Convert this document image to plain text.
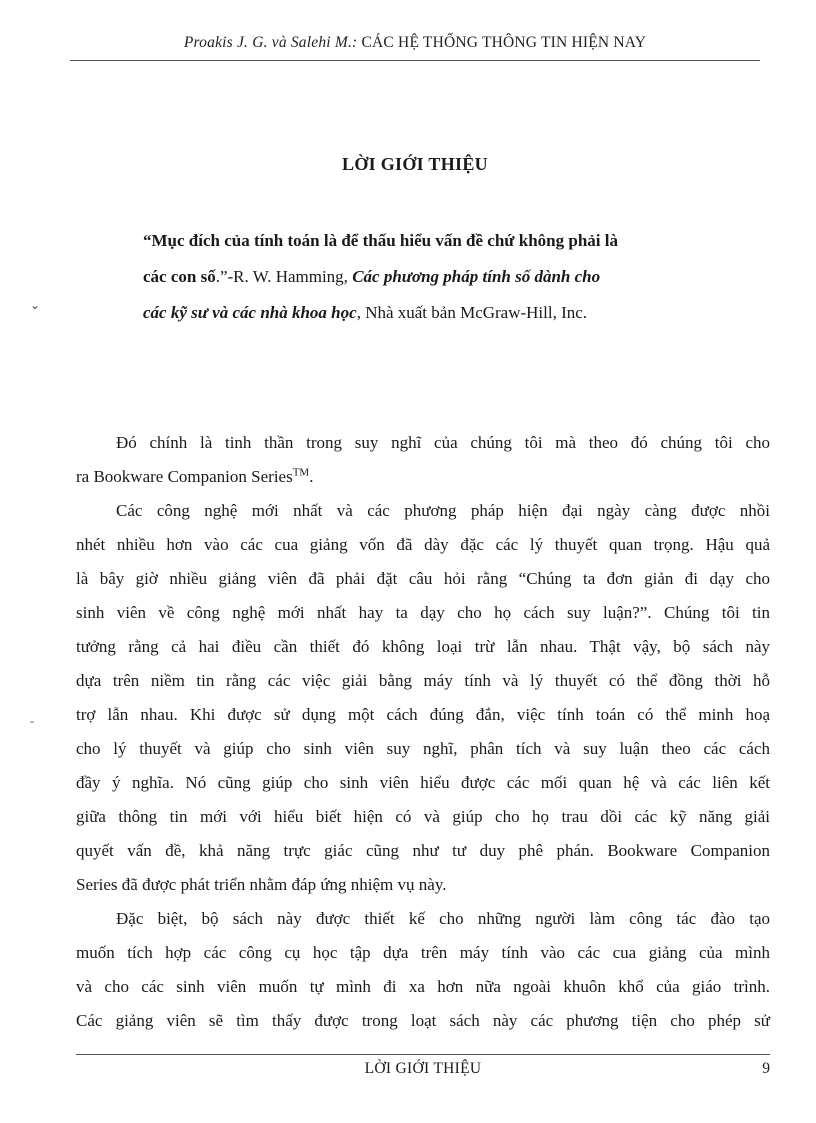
Proakis J. G. và Salehi M.: CÁC HỆ THỐNG THÔNG TIN HIỆN NAY
LỜI GIỚI THIỆU
“Mục đích của tính toán là để thấu hiểu vấn đề chứ không phải là
các con số.”-R. W. Hamming, Các phương pháp tính số dành cho
các kỹ sư và các nhà khoa học, Nhà xuất bản McGraw-Hill, Inc.
⌄
Đó chính là tinh thần trong suy nghĩ của chúng tôi mà theo đó chúng tôi cho
ra Bookware Companion Series™.
Các công nghệ mới nhất và các phương pháp hiện đại ngày càng được nhồi
nhét nhiều hơn vào các cua giảng vốn đã dày đặc các lý thuyết quan trọng. Hậu quả
là bây giờ nhiều giảng viên đã phải đặt câu hỏi rằng “Chúng ta đơn giản đi dạy cho
sinh viên về công nghệ mới nhất hay ta dạy cho họ cách suy luận?”. Chúng tôi tin
tưởng rằng cả hai điều cần thiết đó không loại trừ lẫn nhau. Thật vậy, bộ sách này
dựa trên niềm tin rằng các việc giải bằng máy tính và lý thuyết có thể đồng thời hỗ
trợ lẫn nhau. Khi được sử dụng một cách đúng đắn, việc tính toán có thể minh hoạ
cho lý thuyết và giúp cho sinh viên suy nghĩ, phân tích và suy luận theo các cách
đầy ý nghĩa. Nó cũng giúp cho sinh viên hiểu được các mối quan hệ và các liên kết
giữa thông tin mới với hiểu biết hiện có và giúp cho họ trau dồi các kỹ năng giải
quyết vấn đề, khả năng trực giác cũng như tư duy phê phán. Bookware Companion
Series đã được phát triển nhằm đáp ứng nhiệm vụ này.
Đặc biệt, bộ sách này được thiết kế cho những người làm công tác đào tạo
muốn tích hợp các công cụ học tập dựa trên máy tính vào các cua giảng của mình
và cho các sinh viên muốn tự mình đi xa hơn nữa ngoài khuôn khổ của giáo trình.
Các giảng viên sẽ tìm thấy được trong loạt sách này các phương tiện cho phép sử
-
LỜI GIỚI THIỆU	9
